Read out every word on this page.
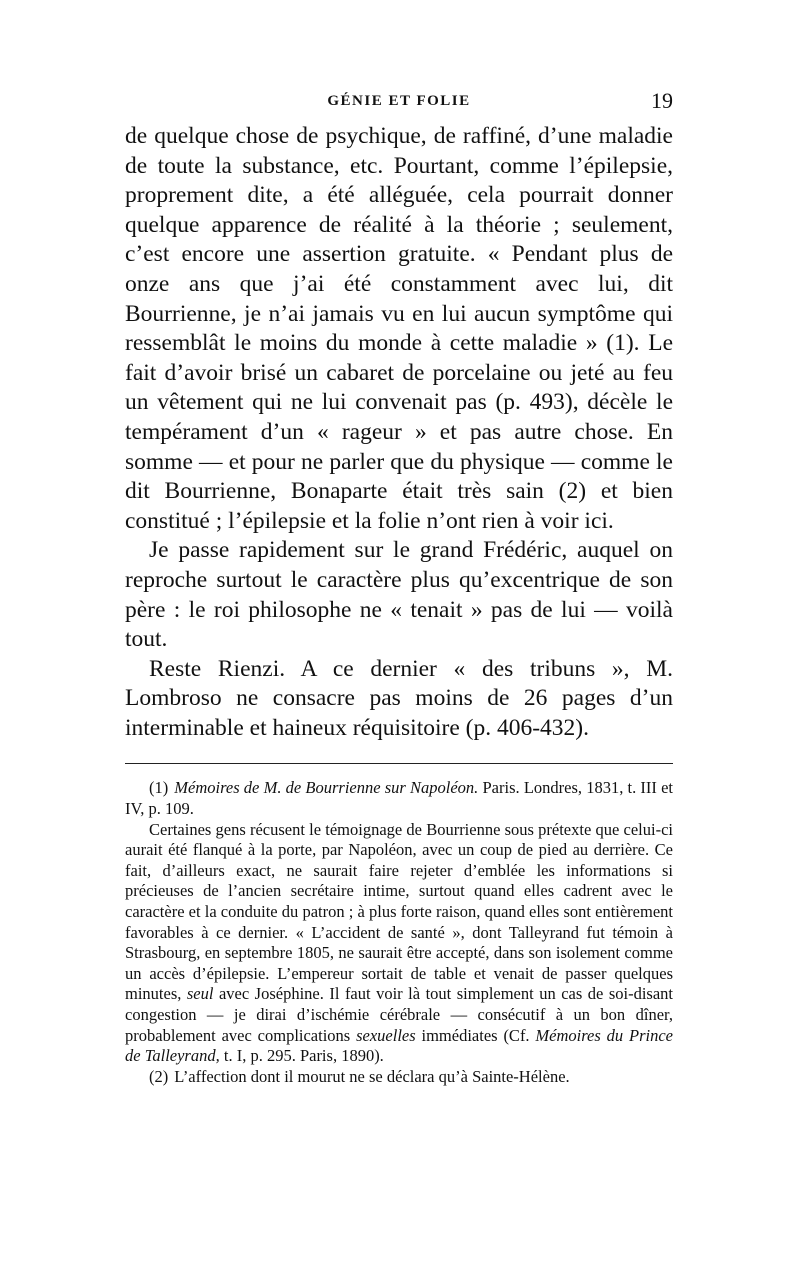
GÉNIE ET FOLIE	19

de quelque chose de psychique, de raffiné, d’une maladie de toute la substance, etc. Pourtant, comme l’épilepsie, proprement dite, a été alléguée, cela pourrait donner quelque apparence de réalité à la théorie ; seulement, c’est encore une assertion gratuite. « Pendant plus de onze ans que j’ai été constamment avec lui, dit Bourrienne, je n’ai jamais vu en lui aucun symptôme qui ressemblât le moins du monde à cette maladie » (1). Le fait d’avoir brisé un cabaret de porcelaine ou jeté au feu un vêtement qui ne lui convenait pas (p. 493), décèle le tempérament d’un « rageur » et pas autre chose. En somme — et pour ne parler que du physique — comme le dit Bourrienne, Bonaparte était très sain (2) et bien constitué ; l’épilepsie et la folie n’ont rien à voir ici.

Je passe rapidement sur le grand Frédéric, auquel on reproche surtout le caractère plus qu’excentrique de son père : le roi philosophe ne « tenait » pas de lui — voilà tout.

Reste Rienzi. A ce dernier « des tribuns », M. Lombroso ne consacre pas moins de 26 pages d’un interminable et haineux réquisitoire (p. 406-432).

(1) Mémoires de M. de Bourrienne sur Napoléon. Paris. Londres, 1831, t. III et IV, p. 109.

Certaines gens récusent le témoignage de Bourrienne sous prétexte que celui-ci aurait été flanqué à la porte, par Napoléon, avec un coup de pied au derrière. Ce fait, d’ailleurs exact, ne saurait faire rejeter d’emblée les informations si précieuses de l’ancien secrétaire intime, surtout quand elles cadrent avec le caractère et la conduite du patron ; à plus forte raison, quand elles sont entièrement favorables à ce dernier. « L’accident de santé », dont Talleyrand fut témoin à Strasbourg, en septembre 1805, ne saurait être accepté, dans son isolement comme un accès d’épilepsie. L’empereur sortait de table et venait de passer quelques minutes, seul avec Joséphine. Il faut voir là tout simplement un cas de soi-disant congestion — je dirai d’ischémie cérébrale — consécutif à un bon dîner, probablement avec complications sexuelles immédiates (Cf. Mémoires du Prince de Talleyrand, t. I, p. 295. Paris, 1890).

(2) L’affection dont il mourut ne se déclara qu’à Sainte-Hélène.
